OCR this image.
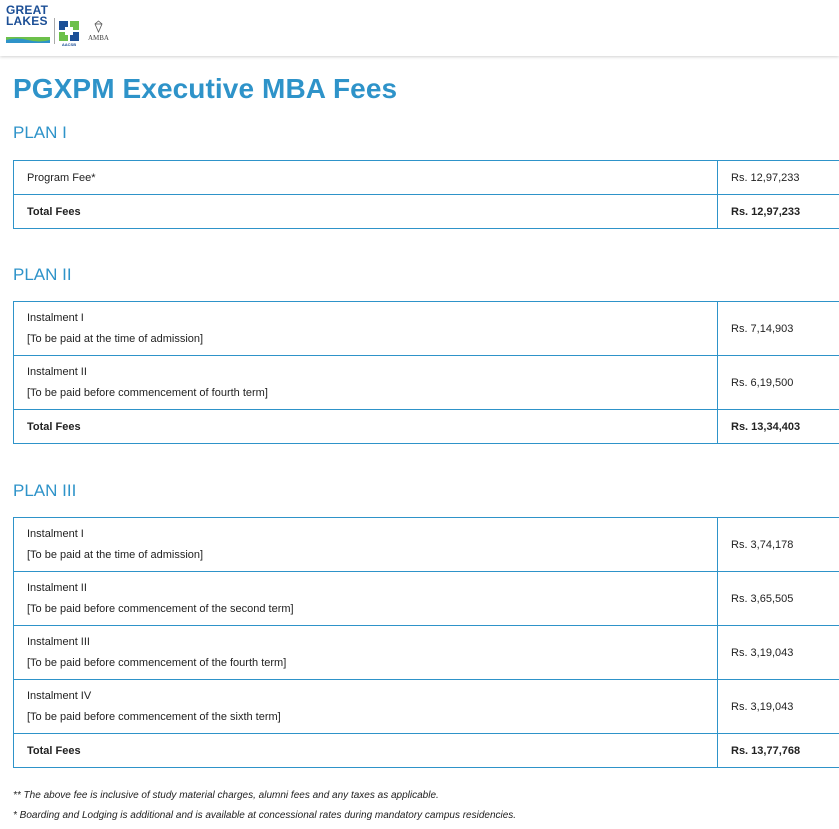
GREAT
LAKES
AACSB
AMBA
PGXPM Executive MBA Fees
PLAN I
Program Fee*	Rs. 12,97,233
Total Fees	Rs. 12,97,233
PLAN II
Instalment I
[To be paid at the time of admission]	Rs. 7,14,903

Instalment II
[To be paid before commencement of fourth term]	Rs. 6,19,500
Total Fees	Rs. 13,34,403
PLAN III
Instalment I
[To be paid at the time of admission]	Rs. 3,74,178

Instalment II
[To be paid before commencement of the second term]	Rs. 3,65,505

Instalment III
[To be paid before commencement of the fourth term]	Rs. 3,19,043

Instalment IV
[To be paid before commencement of the sixth term]	Rs. 3,19,043
Total Fees	Rs. 13,77,768
** The above fee is inclusive of study material charges, alumni fees and any taxes as applicable.
* Boarding and Lodging is additional and is available at concessional rates during mandatory campus residencies.
